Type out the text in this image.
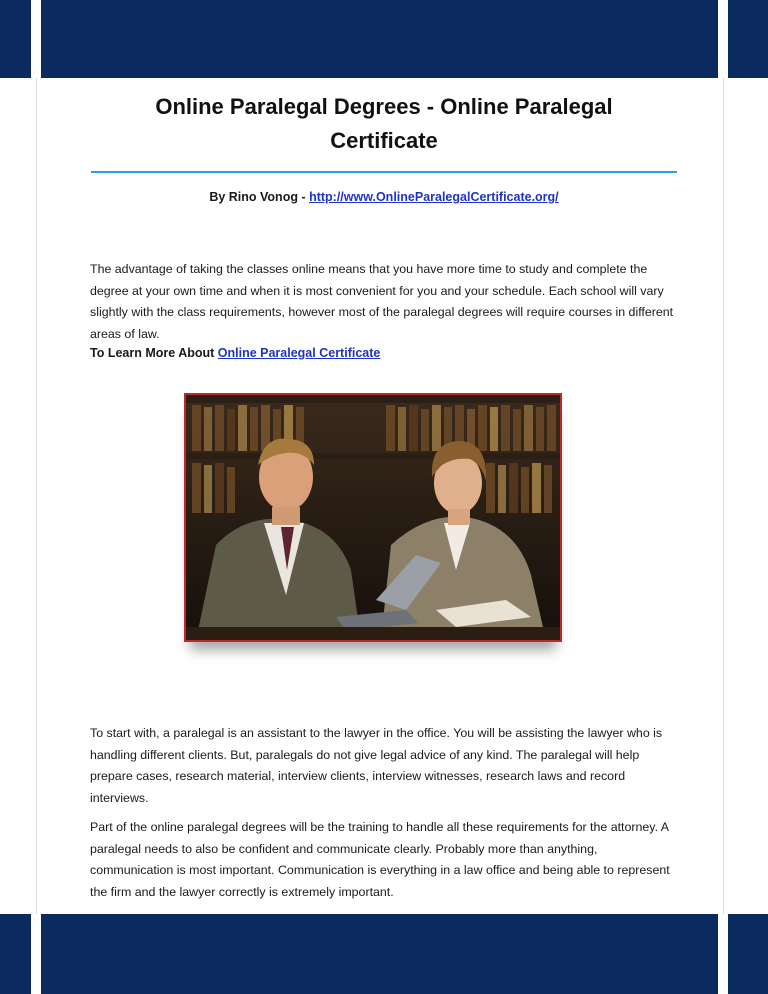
Online Paralegal Degrees - Online Paralegal Certificate
By Rino Vonog - http://www.OnlineParalegalCertificate.org/

The advantage of taking the classes online means that you have more time to study and complete the degree at your own time and when it is most convenient for you and your schedule. Each school will vary slightly with the class requirements, however most of the paralegal degrees will require courses in different areas of law.

To Learn More About Online Paralegal Certificate

To start with, a paralegal is an assistant to the lawyer in the office. You will be assisting the lawyer who is handling different clients. But, paralegals do not give legal advice of any kind. The paralegal will help prepare cases, research material, interview clients, interview witnesses, research laws and record interviews.

Part of the online paralegal degrees will be the training to handle all these requirements for the attorney. A paralegal needs to also be confident and communicate clearly. Probably more than anything, communication is most important. Communication is everything in a law office and being able to represent the firm and the lawyer correctly is extremely important.
